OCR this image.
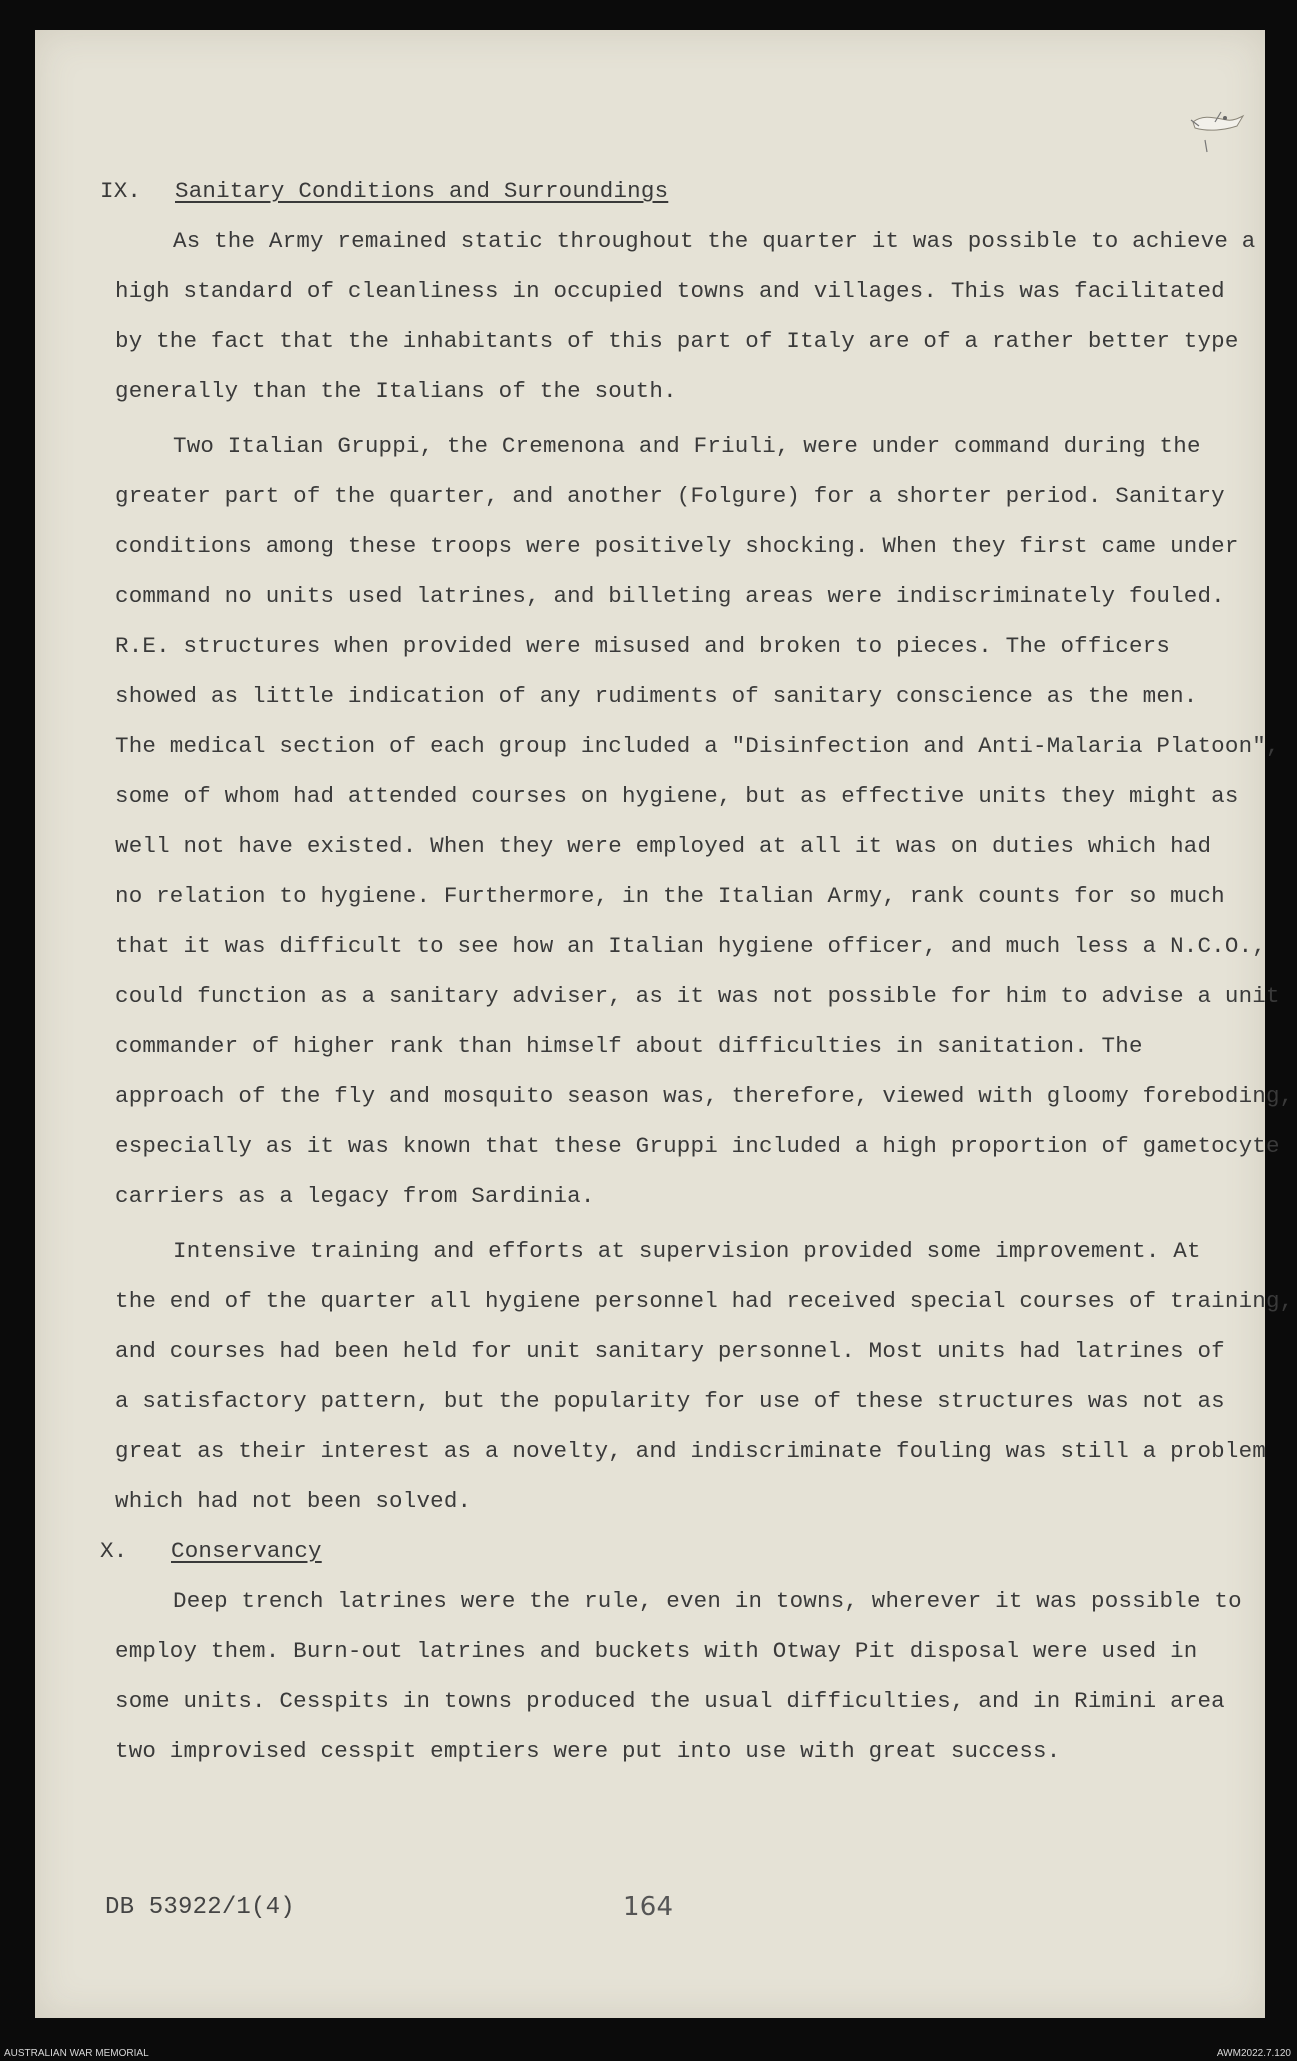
IX. Sanitary Conditions and Surroundings
As the Army remained static throughout the quarter it was possible to achieve a
high standard of cleanliness in occupied towns and villages. This was facilitated
by the fact that the inhabitants of this part of Italy are of a rather better type
generally than the Italians of the south.
Two Italian Gruppi, the Cremenona and Friuli, were under command during the
greater part of the quarter, and another (Folgure) for a shorter period. Sanitary
conditions among these troops were positively shocking. When they first came under
command no units used latrines, and billeting areas were indiscriminately fouled.
R.E. structures when provided were misused and broken to pieces. The officers
showed as little indication of any rudiments of sanitary conscience as the men.
The medical section of each group included a "Disinfection and Anti-Malaria Platoon",
some of whom had attended courses on hygiene, but as effective units they might as
well not have existed. When they were employed at all it was on duties which had
no relation to hygiene. Furthermore, in the Italian Army, rank counts for so much
that it was difficult to see how an Italian hygiene officer, and much less a N.C.O.,
could function as a sanitary adviser, as it was not possible for him to advise a unit
commander of higher rank than himself about difficulties in sanitation. The
approach of the fly and mosquito season was, therefore, viewed with gloomy foreboding,
especially as it was known that these Gruppi included a high proportion of gametocyte
carriers as a legacy from Sardinia.
Intensive training and efforts at supervision provided some improvement. At
the end of the quarter all hygiene personnel had received special courses of training,
and courses had been held for unit sanitary personnel. Most units had latrines of
a satisfactory pattern, but the popularity for use of these structures was not as
great as their interest as a novelty, and indiscriminate fouling was still a problem
which had not been solved.
X. Conservancy
Deep trench latrines were the rule, even in towns, wherever it was possible to
employ them. Burn-out latrines and buckets with Otway Pit disposal were used in
some units. Cesspits in towns produced the usual difficulties, and in Rimini area
two improvised cesspit emptiers were put into use with great success.
DB 53922/1(4)	164
AUSTRALIAN WAR MEMORIAL	AWM2022.7.120
